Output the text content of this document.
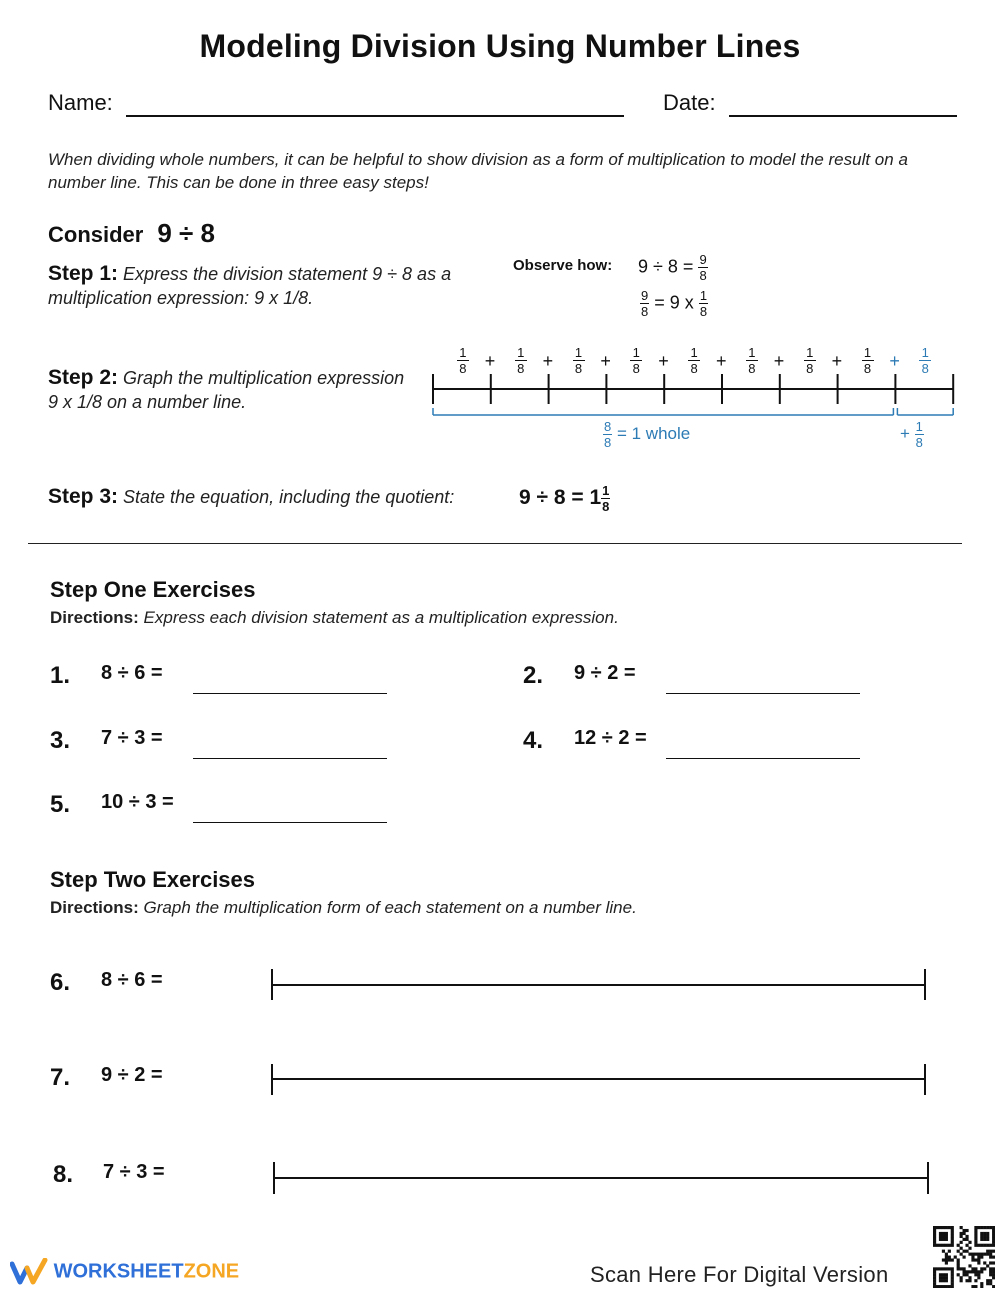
Modeling Division Using Number Lines
Name:	Date:
When dividing whole numbers, it can be helpful to show division as a form of multiplication to model the result on a number line. This can be done in three easy steps!
Consider 9 ÷ 8
Step 1: Express the division statement 9 ÷ 8 as a multiplication expression: 9 x 1/8.
Observe how: $9 \div 8 = \frac{9}{8}$
$\frac{9}{8} = 9$ x $\frac{1}{8}$
Step 2: Graph the multiplication expression 9 x 1/8 on a number line.
$\frac{1}{8} + \frac{1}{8} + \frac{1}{8} + \frac{1}{8} + \frac{1}{8} + \frac{1}{8} + \frac{1}{8} + \frac{1}{8} + \frac{1}{8}$
$\frac{8}{8} = 1$ whole	+ $\frac{1}{8}$
Step 3: State the equation, including the quotient:	$9 \div 8 = 1 \frac{1}{8}$
Step One Exercises
Directions: Express each division statement as a multiplication expression.
1. 8 ÷ 6 =	2. 9 ÷ 2 =
3. 7 ÷ 3 =	4. 12 ÷ 2 =
5. 10 ÷ 3 =
Step Two Exercises
Directions: Graph the multiplication form of each statement on a number line.
6. 8 ÷ 6 =
7. 9 ÷ 2 =
8. 7 ÷ 3 =
WORKSHEETZONE	Scan Here For Digital Version
